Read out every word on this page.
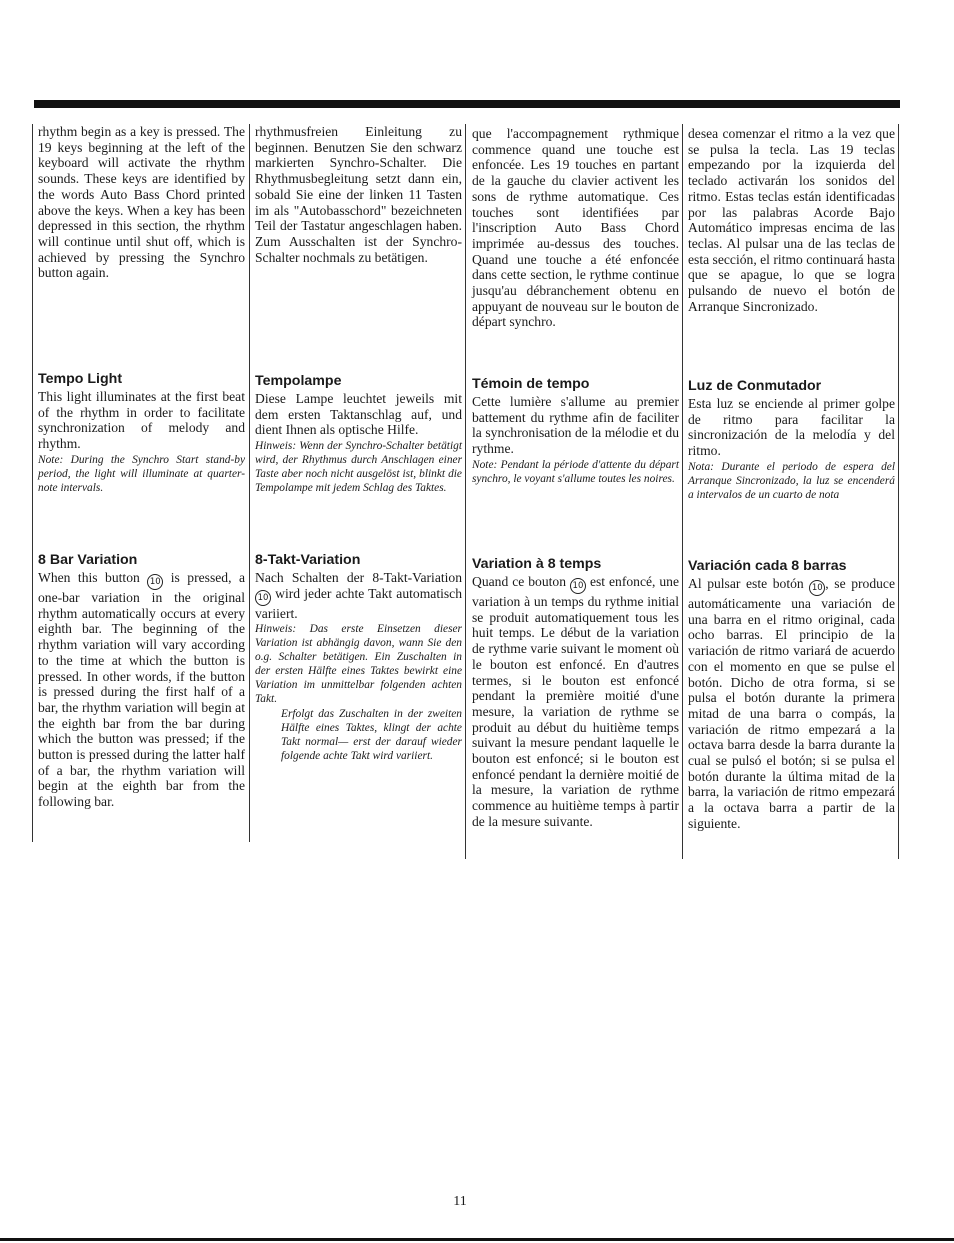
rhythm begin as a key is pressed. The 19 keys beginning at the left of the keyboard will activate the rhythm sounds. These keys are identified by the words Auto Bass Chord printed above the keys. When a key has been depressed in this section, the rhythm will continue until shut off, which is achieved by pressing the Synchro button again.

Tempo Light

This light illuminates at the first beat of the rhythm in order to facilitate synchronization of melody and rhythm.

Note: During the Synchro Start stand-by period, the light will illuminate at quarter-note intervals.

8 Bar Variation

When this button 10 is pressed, a one-bar variation in the original rhythm automatically occurs at every eighth bar. The beginning of the rhythm variation will vary according to the time at which the button is pressed. In other words, if the button is pressed during the first half of a bar, the rhythm variation will begin at the eighth bar from the bar during which the button was pressed; if the button is pressed during the latter half of a bar, the rhythm variation will begin at the eighth bar from the following bar.

rhythmusfreien Einleitung zu beginnen. Benutzen Sie den schwarz markierten Synchro-Schalter. Die Rhythmusbegleitung setzt dann ein, sobald Sie eine der linken 11 Tasten im als "Autobasschord" bezeichneten Teil der Tastatur angeschlagen haben. Zum Ausschalten ist der Synchro-Schalter nochmals zu betätigen.

Tempolampe

Diese Lampe leuchtet jeweils mit dem ersten Taktanschlag auf, und dient Ihnen als optische Hilfe.

Hinweis: Wenn der Synchro-Schalter betätigt wird, der Rhythmus durch Anschlagen einer Taste aber noch nicht ausgelöst ist, blinkt die Tempolampe mit jedem Schlag des Taktes.

8-Takt-Variation

Nach Schalten der 8-Takt-Variation 10 wird jeder achte Takt automatisch variiert.

Hinweis: Das erste Einsetzen dieser Variation ist abhängig davon, wann Sie den o.g. Schalter betätigen. Ein Zuschalten in der ersten Hälfte eines Taktes bewirkt eine Variation im unmittelbar folgenden achten Takt.

Erfolgt das Zuschalten in der zweiten Hälfte eines Taktes, klingt der achte Takt normal— erst der darauf wieder folgende achte Takt wird variiert.

que l'accompagnement rythmique commence quand une touche est enfoncée. Les 19 touches en partant de la gauche du clavier activent les sons de rythme automatique. Ces touches sont identifiées par l'inscription Auto Bass Chord imprimée au-dessus des touches. Quand une touche a été enfoncée dans cette section, le rythme continue jusqu'au débranchement obtenu en appuyant de nouveau sur le bouton de départ synchro.

Témoin de tempo

Cette lumière s'allume au premier battement du rythme afin de faciliter la synchronisation de la mélodie et du rythme.

Note: Pendant la période d'attente du départ synchro, le voyant s'allume toutes les noires.

Variation à 8 temps

Quand ce bouton 10 est enfoncé, une variation à un temps du rythme initial se produit automatiquement tous les huit temps. Le début de la variation de rythme varie suivant le moment où le bouton est enfoncé. En d'autres termes, si le bouton est enfoncé pendant la première moitié d'une mesure, la variation de rythme se produit au début du huitième temps suivant la mesure pendant laquelle le bouton est enfoncé; si le bouton est enfoncé pendant la dernière moitié de la mesure, la variation de rythme commence au huitième temps à partir de la mesure suivante.

desea comenzar el ritmo a la vez que se pulsa la tecla. Las 19 teclas empezando por la izquierda del teclado activarán los sonidos del ritmo. Estas teclas están identificadas por las palabras Acorde Bajo Automático impresas encima de las teclas. Al pulsar una de las teclas de esta sección, el ritmo continuará hasta que se apague, lo que se logra pulsando de nuevo el botón de Arranque Sincronizado.

Luz de Conmutador

Esta luz se enciende al primer golpe de ritmo para facilitar la sincronización de la melodía y del ritmo.

Nota: Durante el periodo de espera del Arranque Sincronizado, la luz se encenderá a intervalos de un cuarto de nota

Variación cada 8 barras

Al pulsar este botón 10 , se produce automáticamente una variación de una barra en el ritmo original, cada ocho barras. El principio de la variación de ritmo variará de acuerdo con el momento en que se pulse el botón. Dicho de otra forma, si se pulsa el botón durante la primera mitad de una barra o compás, la variación de ritmo empezará a la octava barra desde la barra durante la cual se pulsó el botón; si se pulsa el botón durante la última mitad de la barra, la variación de ritmo empezará a la octava barra a partir de la siguiente.

11
